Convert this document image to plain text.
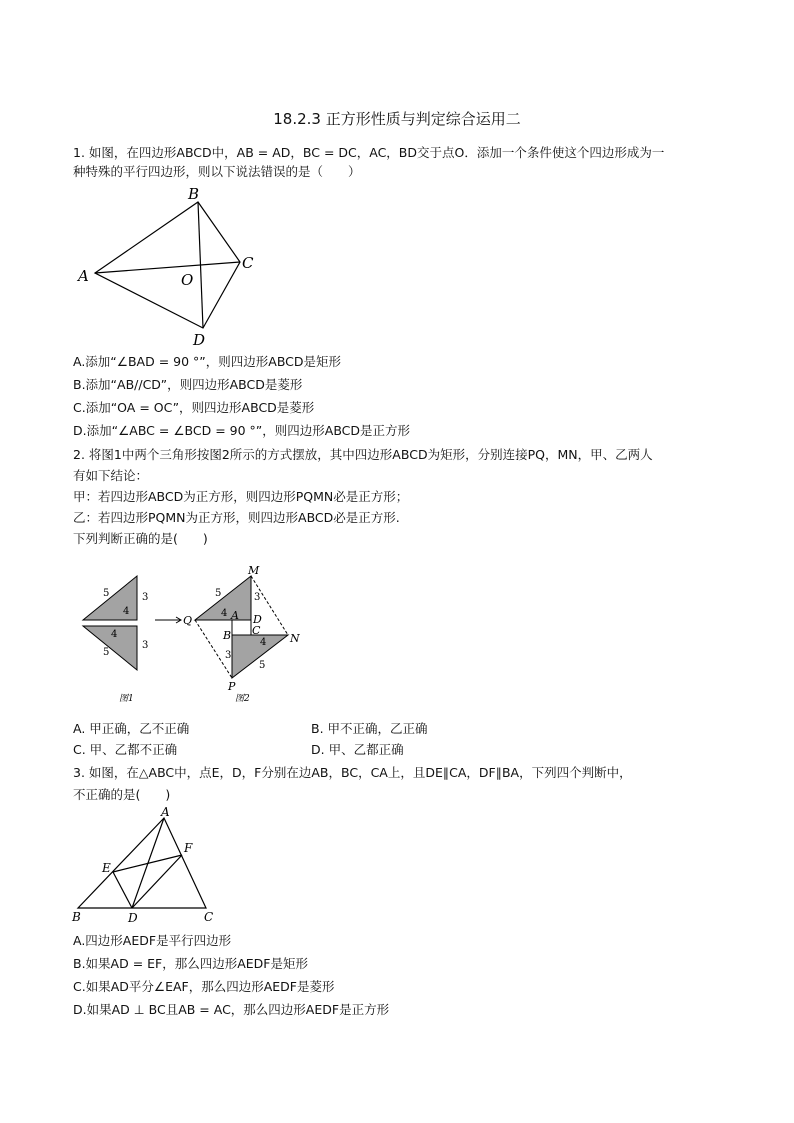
18.2.3 正方形性质与判定综合运用二
1. 如图，在四边形ABCD中，AB = AD，BC = DC，AC，BD交于点O．添加一个条件使这个四边形成为一
种特殊的平行四边形，则以下说法错误的是（　　）
A
B
C
D
O
A.添加“∠BAD = 90 °”，则四边形ABCD是矩形
B.添加“AB//CD”，则四边形ABCD是菱形
C.添加“OA = OC”，则四边形ABCD是菱形
D.添加“∠ABC = ∠BCD = 90 °”，则四边形ABCD是正方形
2. 将图1中两个三角形按图2所示的方式摆放，其中四边形ABCD为矩形，分别连接PQ，MN，甲、乙两人
有如下结论：
甲：若四边形ABCD为正方形，则四边形PQMN必是正方形；
乙：若四边形PQMN为正方形，则四边形ABCD必是正方形.
下列判断正确的是(　　)
5	3
4
4
3
5
5	3
4
4
3
5
M
Q	A D
B C
N
P
图1	图2
A. 甲正确，乙不正确	B. 甲不正确，乙正确
C. 甲、乙都不正确	D. 甲、乙都正确
3. 如图，在△ABC中，点E，D，F分别在边AB，BC，CA上，且DE∥CA，DF∥BA，下列四个判断中，
不正确的是(　　)
A
E
F
B	D	C
A.四边形AEDF是平行四边形
B.如果AD = EF，那么四边形AEDF是矩形
C.如果AD平分∠EAF，那么四边形AEDF是菱形
D.如果AD ⊥ BC且AB = AC，那么四边形AEDF是正方形
